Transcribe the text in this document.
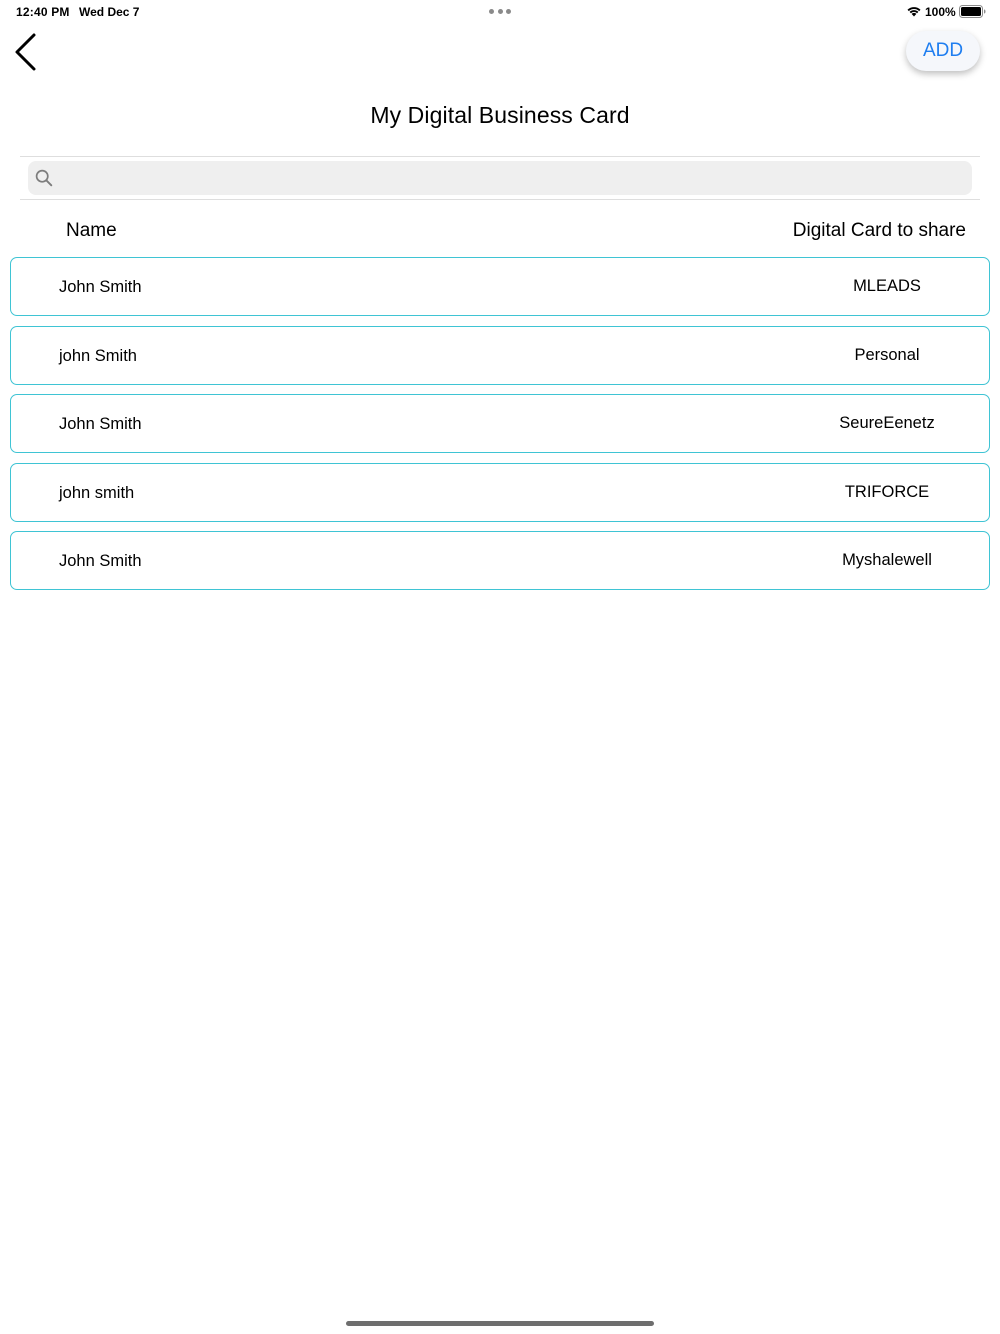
12:40 PM Wed Dec 7	100%
ADD
My Digital Business Card
Name	Digital Card to share
John Smith	MLEADS
john Smith	Personal
John Smith	SeureEenetz
john smith	TRIFORCE
John Smith	Myshalewell
